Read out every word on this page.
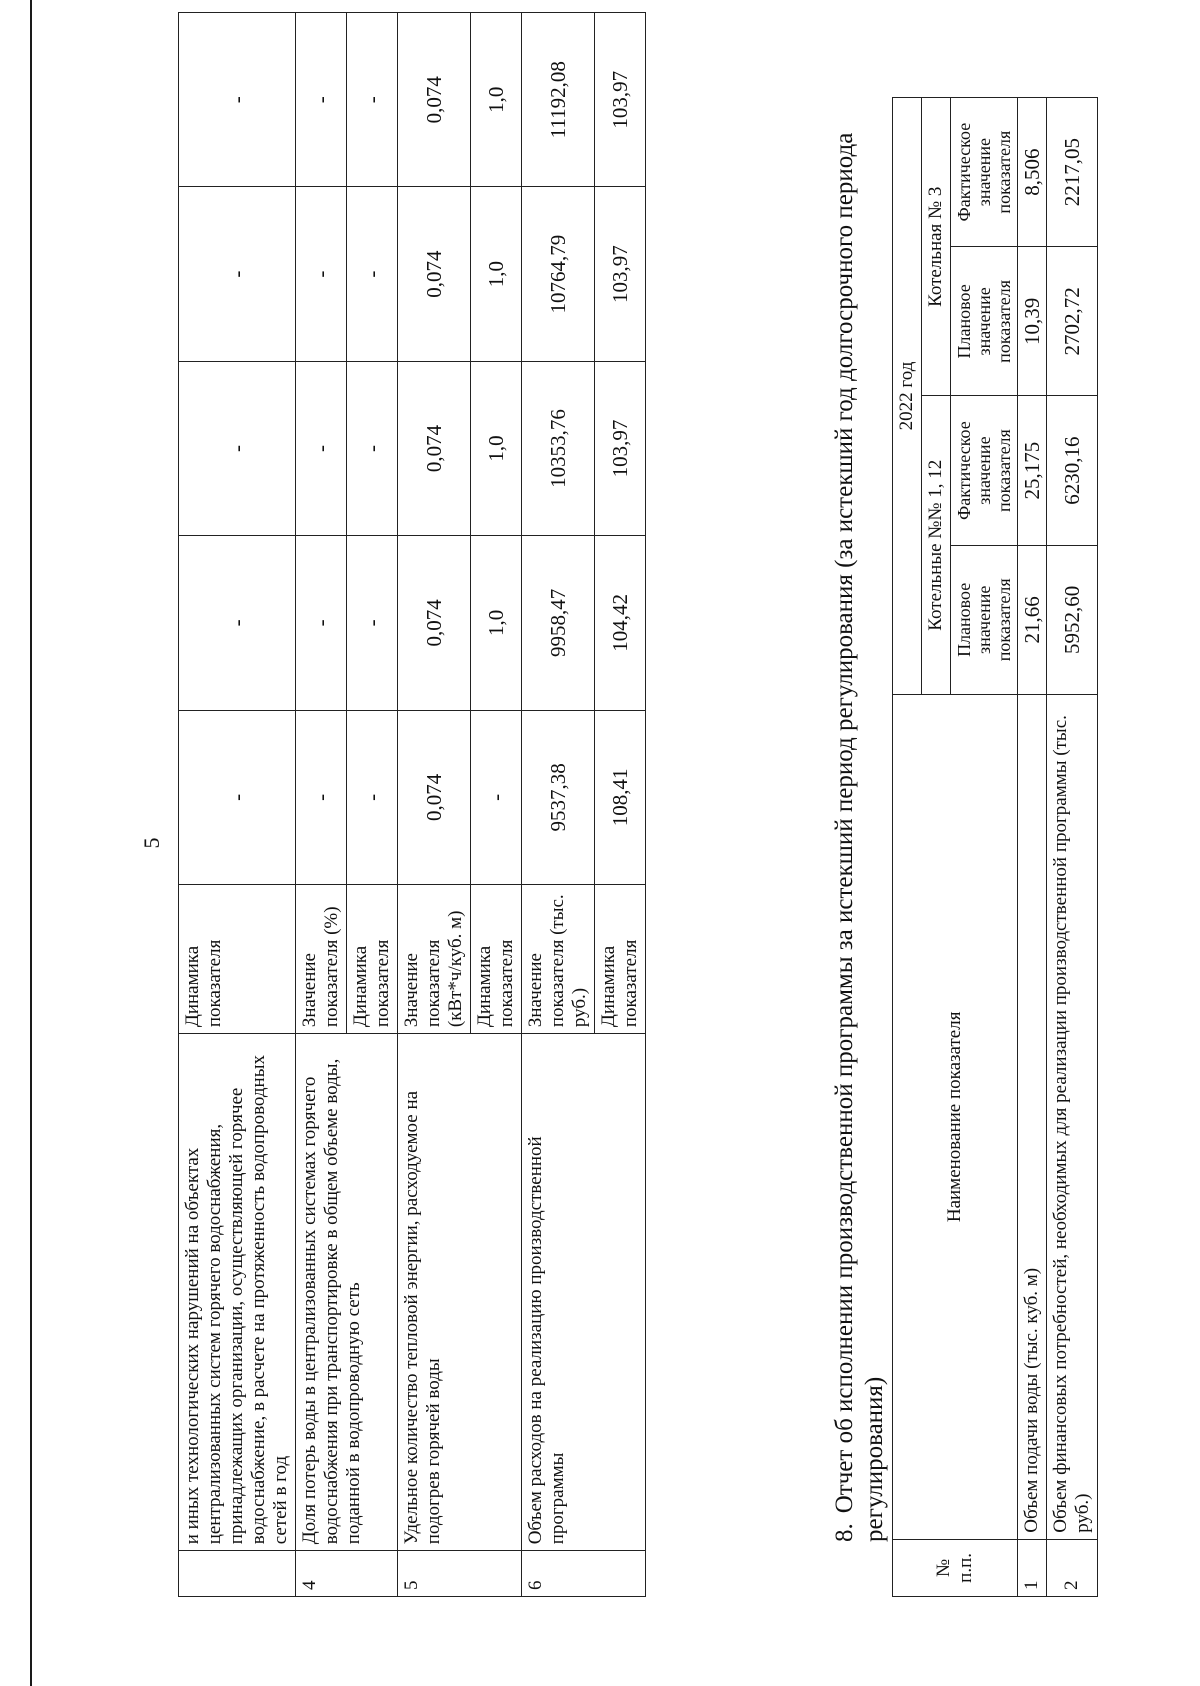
5
	и иных технологических нарушений на объектах централизованных систем горячего водоснабжения, принадлежащих организации, осуществляющей горячее водоснабжение, в расчете на протяженность водопроводных сетей в год	Динамика показателя	-	-	-	-	-
4	Доля потерь воды в централизованных системах горячего водоснабжения при транспортировке в общем объеме воды, поданной в водопроводную сеть	Значение показателя (%)	-	-	-	-	-
		Динамика показателя	-	-	-	-	-
5	Удельное количество тепловой энергии, расходуемое на подогрев горячей воды	Значение показателя (кВт*ч/куб. м)	0,074	0,074	0,074	0,074	0,074
		Динамика показателя	-	1,0	1,0	1,0	1,0
6	Объем расходов на реализацию производственной программы	Значение показателя (тыс. руб.)	9537,38	9958,47	10353,76	10764,79	11192,08
		Динамика показателя	108,41	104,42	103,97	103,97	103,97
8.Отчет об исполнении производственной программы за истекший период регулирования (за истекший год долгосрочного периода регулирования)
№ п.п.	Наименование показателя	2022 год			
		Котельные №№ 1, 12		Котельная № 3	
		Плановое значение показателя	Фактическое значение показателя	Плановое значение показателя	Фактическое значение показателя
1	Объем подачи воды (тыс. куб. м)	21,66	25,175	10,39	8,506
2	Объем финансовых потребностей, необходимых для реализации производственной программы (тыс. руб.)	5952,60	6230,16	2702,72	2217,05
